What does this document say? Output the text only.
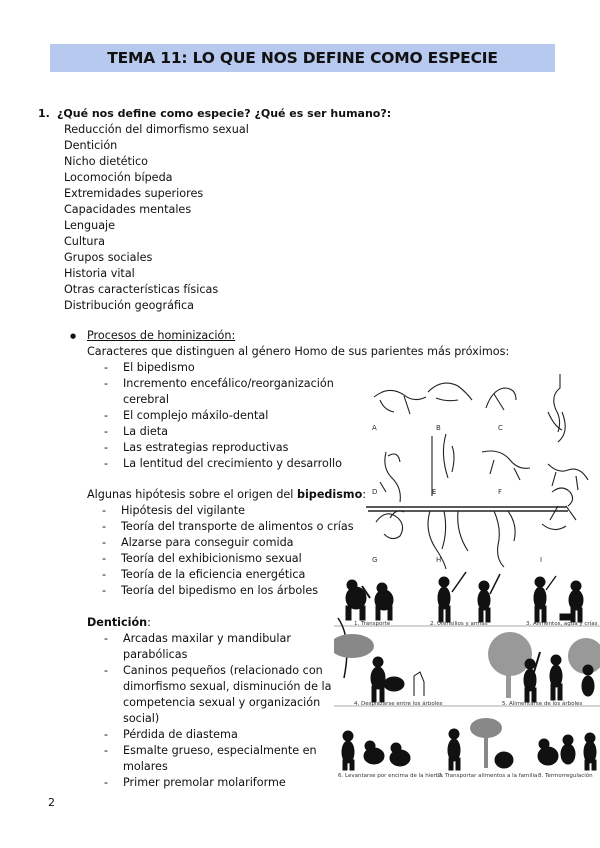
TEMA 11: LO QUE NOS DEFINE COMO ESPECIE
1. ¿Qué nos define como especie? ¿Qué es ser humano?:
Reducción del dimorfismo sexual
Dentición
Nicho dietético
Locomoción bípeda
Extremidades superiores
Capacidades mentales
Lenguaje
Cultura
Grupos sociales
Historia vital
Otras características físicas
Distribución geográfica
● Procesos de hominización:
Caracteres que distinguen al género Homo de sus parientes más próximos:
- El bipedismo
- Incremento encefálico/reorganización
cerebral
- El complejo máxilo-dental
- La dieta
- Las estrategias reproductivas
- La lentitud del crecimiento y desarrollo
Algunas hipótesis sobre el origen del bipedismo:
- Hipótesis del vigilante
- Teoría del transporte de alimentos o crías
- Alzarse para conseguir comida
- Teoría del exhibicionismo sexual
- Teoría de la eficiencia energética
- Teoría del bipedismo en los árboles
Dentición:
- Arcadas maxilar y mandibular
parabólicas
- Caninos pequeños (relacionado con
dimorfismo sexual, disminución de la
competencia sexual y organización
social)
- Pérdida de diastema
- Esmalte grueso, especialmente en
molares
- Primer premolar molariforme
A	B	C
D	E	F
G	H	I
1. Transporte	2. Utensilios y armas	3. Alimentos, agua y crías
4. Desplazarse entre los árboles	5. Alimentarse de los árboles
6. Levantarse por encima de la hierba
7. Transportar alimentos a la familia 8. Termorregulación
2
